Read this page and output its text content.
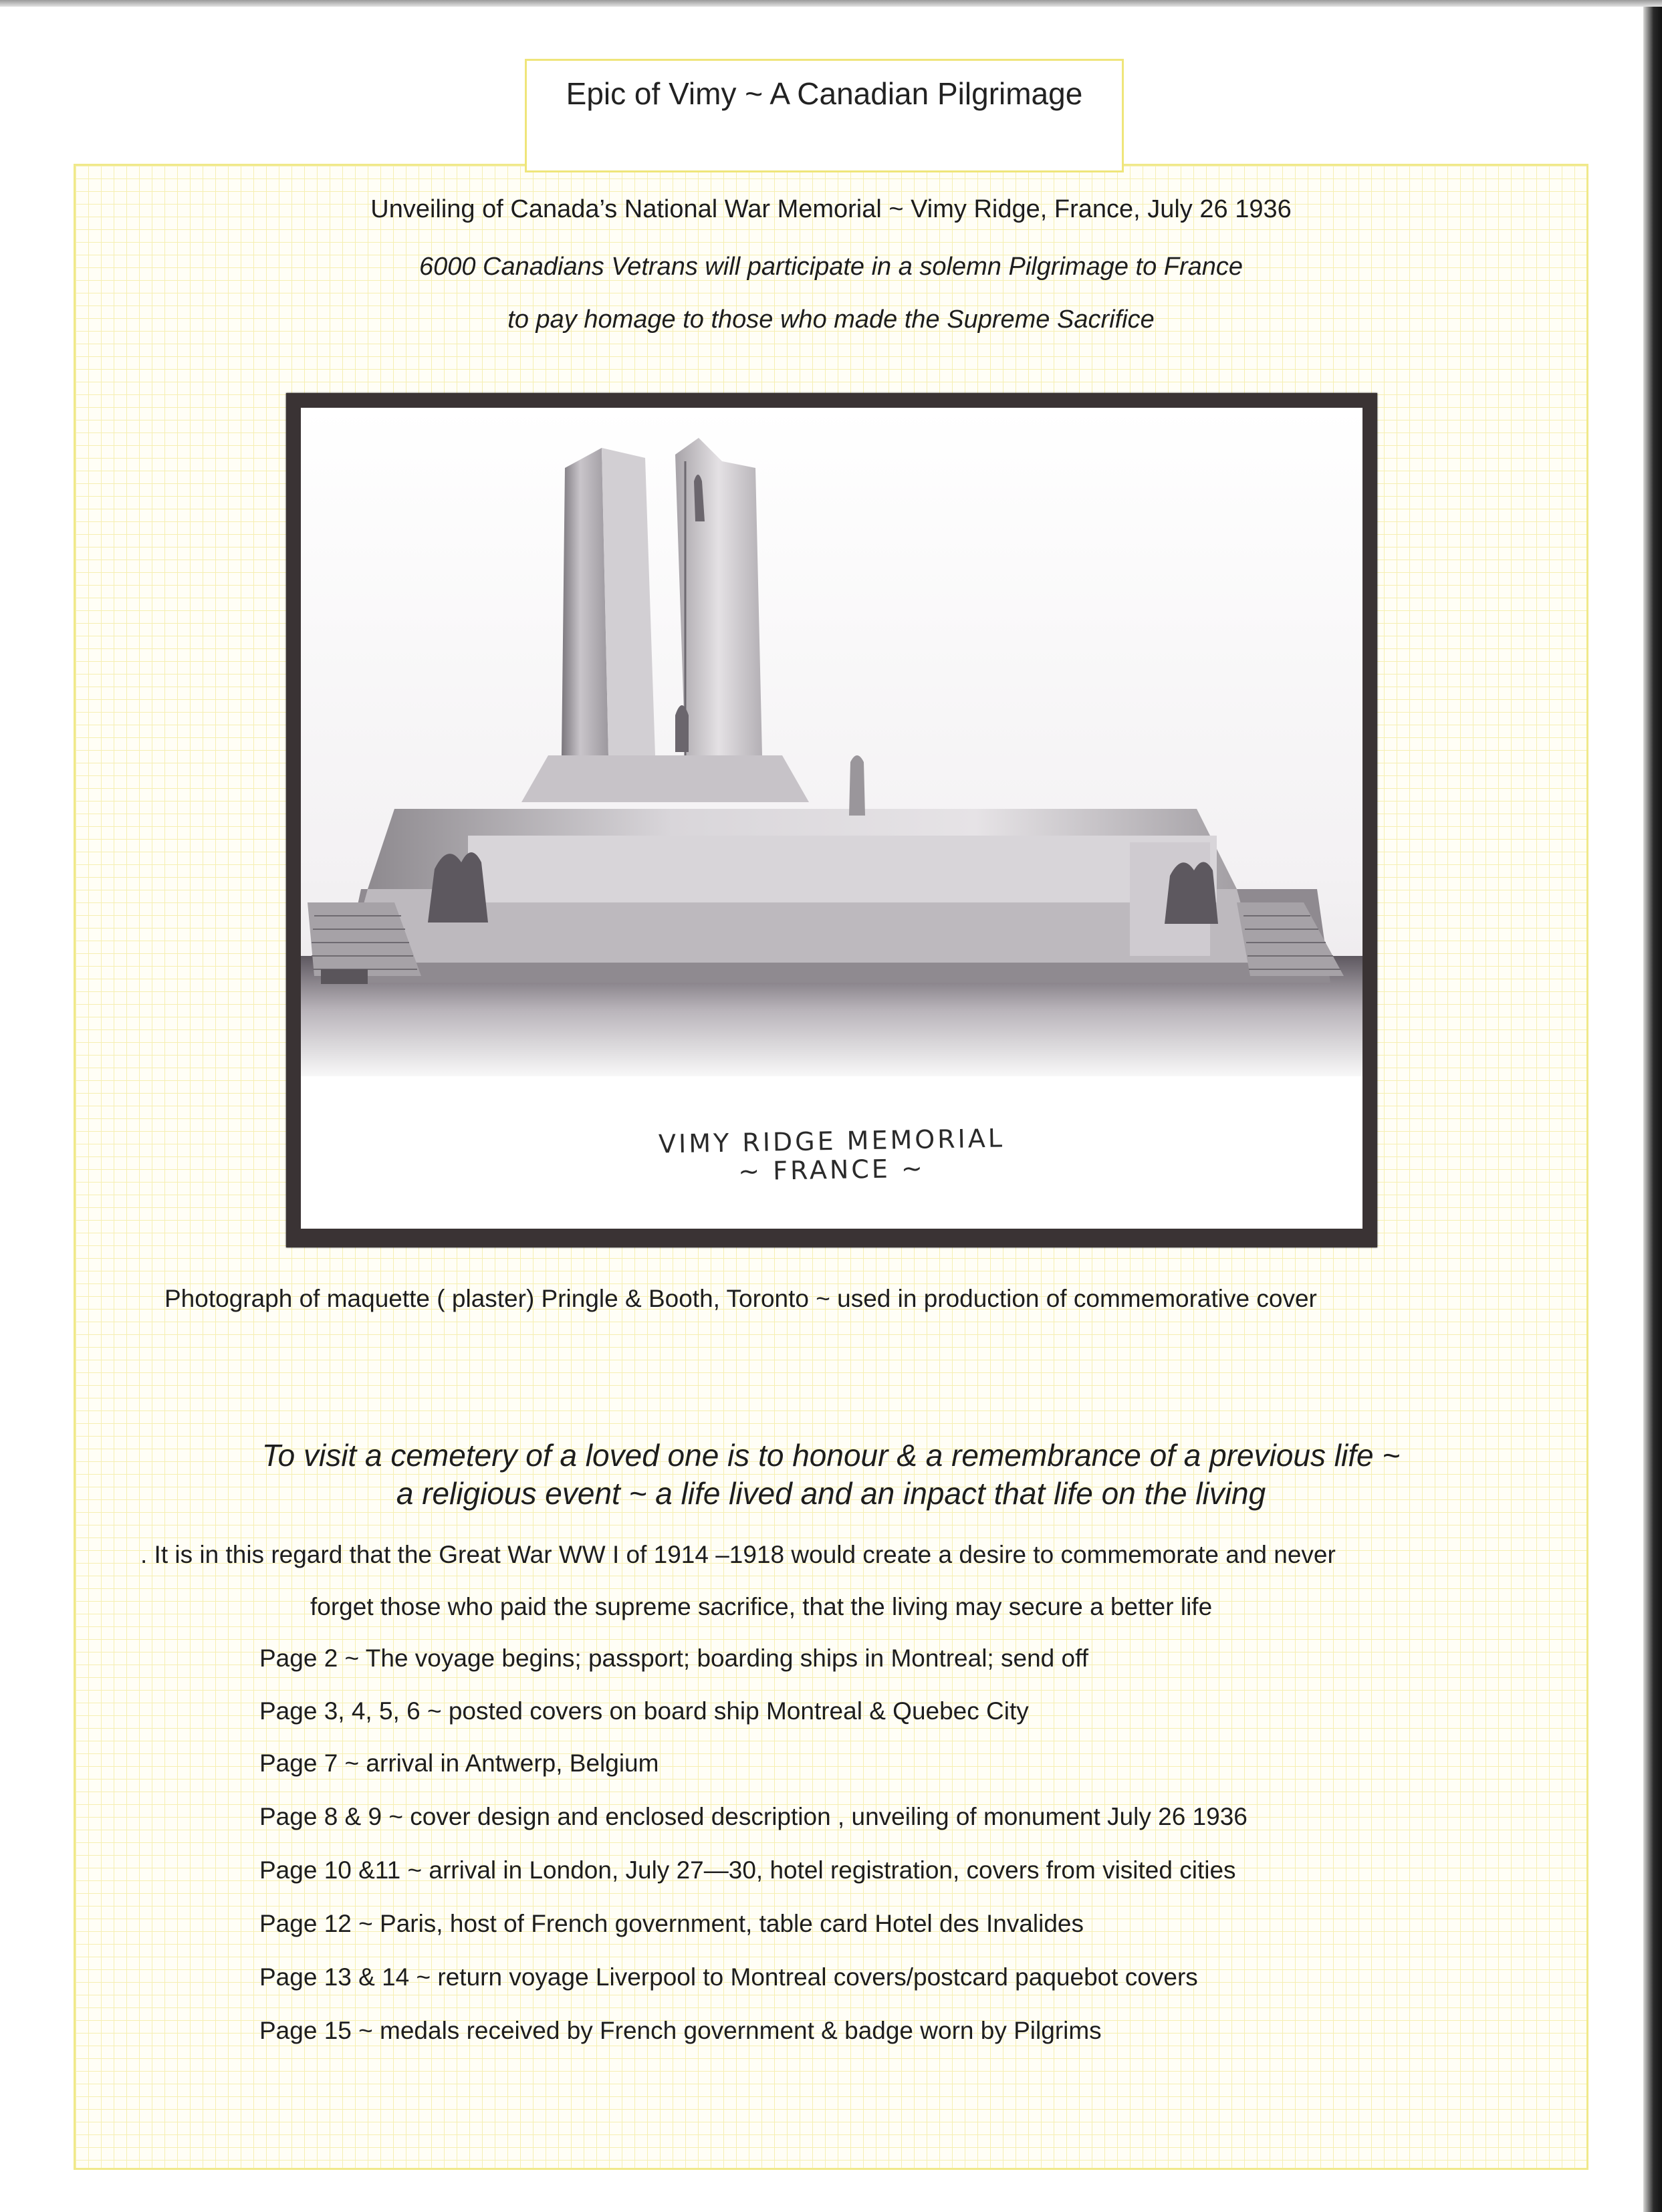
Epic of Vimy ~ A Canadian Pilgrimage
Unveiling of Canada’s National War Memorial ~ Vimy Ridge, France, July 26 1936
6000 Canadians Vetrans will participate in a solemn Pilgrimage to France
to pay homage to those who made the Supreme Sacrifice
VIMY RIDGE MEMORIAL
~ FRANCE ~
Photograph of maquette ( plaster) Pringle & Booth, Toronto ~ used in production of commemorative cover
To visit a cemetery of a loved one is to honour & a remembrance of a previous life ~
a religious event ~ a life lived and an inpact that life on the living
. It is in this regard that the Great War WW I of 1914 –1918 would create a desire to commemorate and never
forget those who paid the supreme sacrifice, that the living may secure a better life
Page 2 ~ The voyage begins; passport; boarding ships in Montreal; send off
Page 3, 4, 5, 6 ~ posted covers on board ship Montreal & Quebec City
Page 7 ~ arrival in Antwerp, Belgium
Page 8 & 9 ~ cover design and enclosed description , unveiling of monument July 26 1936
Page 10 &11 ~ arrival in London, July 27—30, hotel registration, covers from visited cities
Page 12 ~ Paris, host of French government, table card Hotel des Invalides
Page 13 & 14 ~ return voyage Liverpool to Montreal covers/postcard paquebot covers
Page 15 ~ medals received by French government & badge worn by Pilgrims
